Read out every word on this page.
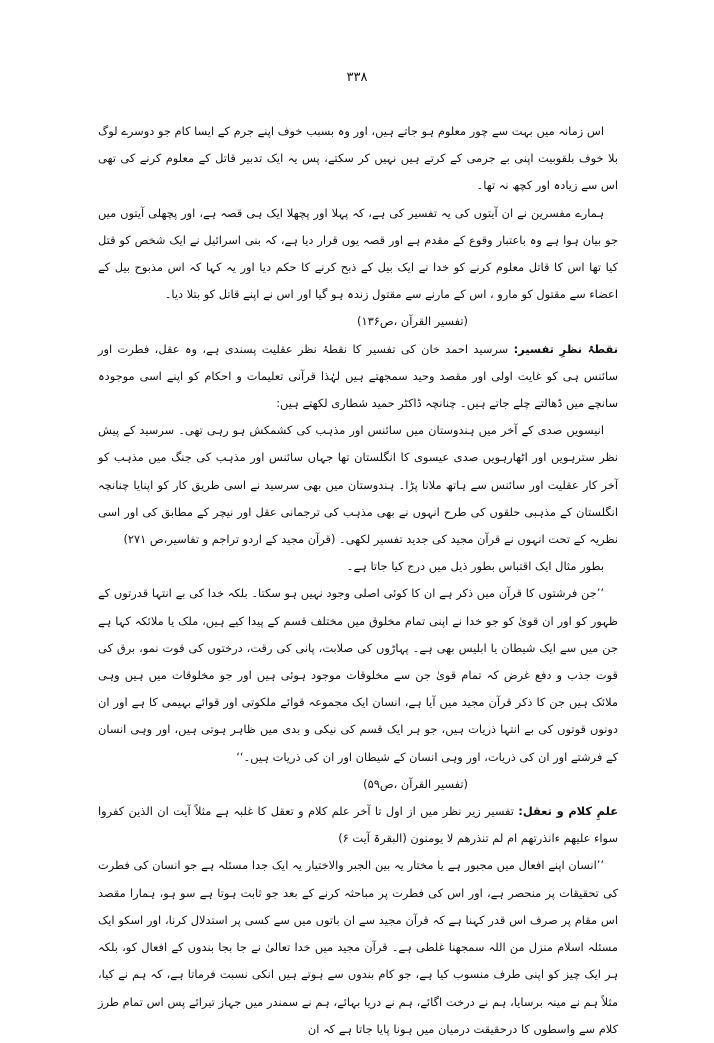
۳۳۸

اس زمانہ میں بہت سے چور معلوم ہو جاتے ہیں، اور وہ بسبب خوف اپنے جرم کے ایسا کام جو دوسرے لوگ بلا خوف بلقوبیت اپنی بے جرمی کے کرتے ہیں نہیں کر سکتے، پس یہ ایک تدبیر قاتل کے معلوم کرنے کی تھی اس سے زیادہ اور کچھ نہ تھا۔

ہمارے مفسرین نے ان آیتوں کی یہ تفسیر کی ہے، کہ پہلا اور پچھلا ایک ہی قصہ ہے، اور پچھلی آیتوں میں جو بیان ہوا ہے وہ باعتبار وقوع کے مقدم ہے اور قصہ یوں قرار دیا ہے، کہ بنی اسرائیل نے ایک شخص کو قتل کیا تھا اس کا قاتل معلوم کرنے کو خدا نے ایک بیل کے ذبح کرنے کا حکم دیا اور یہ کہا کہ اس مذبوح بیل کے اعضاء سے مقتول کو مارو ، اس کے مارنے سے مقتول زندہ ہو گیا اور اس نے اپنے قاتل کو بتلا دیا۔

(تفسیر القرآن ،ص۱۳۶)

نقطۂ نظرِ تفسیر: سرسید احمد خان کی تفسیر کا نقطۂ نظر عقلیت پسندی ہے، وہ عقل، فطرت اور سائنس ہی کو غایت اولی اور مقصد وحید سمجھتے ہیں لہٰذا قرآنی تعلیمات و احکام کو اپنے اسی موجودہ سانچے میں ڈھالتے چلے جاتے ہیں۔ چنانچہ ڈاکٹر حمید شطاری لکھتے ہیں:

انیسویں صدی کے آخر میں ہندوستان میں سائنس اور مذہب کی کشمکش ہو رہی تھی۔ سرسید کے پیش نظر سترہویں اور اٹھارہویں صدی عیسوی کا انگلستان تھا جہاں سائنس اور مذہب کی جنگ میں مذہب کو آخر کار عقلیت اور سائنس سے ہاتھ ملانا پڑا۔ ہندوستان میں بھی سرسید نے اسی طریق کار کو اپنایا چنانچہ انگلستان کے مذہبی حلقوں کی طرح انہوں نے بھی مذہب کی ترجمانی عقل اور نیچر کے مطابق کی اور اسی نظریہ کے تحت انہوں نے قرآن مجید کی جدید تفسیر لکھی۔ (قرآن مجید کے اردو تراجم و تفاسیر،ص ۲۷۱)

بطور مثال ایک اقتباس بطور ذیل میں درج کیا جاتا ہے۔

’’جن فرشتوں کا قرآن میں ذکر ہے ان کا کوئی اصلی وجود نہیں ہو سکتا۔ بلکہ خدا کی بے انتہا قدرتوں کے ظہور کو اور ان قویٰ کو جو خدا نے اپنی تمام مخلوق میں مختلف قسم کے پیدا کیے ہیں، ملک یا ملائکہ کہا ہے جن میں سے ایک شیطان یا ابلیس بھی ہے۔ پہاڑوں کی صلابت، پانی کی رقت، درختوں کی قوت نمو، برق کی قوت جذب و دفع غرض کہ تمام قویٰ جن سے مخلوقات موجود ہوئی ہیں اور جو مخلوقات میں ہیں وہی ملائک ہیں جن کا ذکر قرآن مجید میں آیا ہے، انسان ایک مجموعہ قوائے ملکوتی اور قوائے بہیمی کا ہے اور ان دونوں قوتوں کی بے انتہا ذریات ہیں، جو ہر ایک قسم کی نیکی و بدی میں ظاہر ہوتی ہیں، اور وہی انسان کے فرشتے اور ان کی ذریات، اور وہی انسان کے شیطان اور ان کی ذریات ہیں۔‘‘

(تفسیر القرآن ،ص۵۹)

علمِ کلام و تعقل: تفسیر زیر نظر میں از اول تا آخر علم کلام و تعقل کا غلبہ ہے مثلاً آیت ان الذین کفروا سواء علیھم ءانذرتھم ام لم تنذرھم لا یومنون (البقرۃ آیت ۶)

’’انسان اپنے افعال میں مجبور ہے یا مختار یہ بین الجبر والاختیار یہ ایک جدا مسئلہ ہے جو انسان کی فطرت کی تحقیقات پر منحصر ہے، اور اس کی فطرت پر مباحثہ کرنے کے بعد جو ثابت ہوتا ہے سو ہو، ہمارا مقصد اس مقام پر صرف اس قدر کہنا ہے کہ قرآن مجید سے ان باتوں میں سے کسی پر استدلال کرنا، اور اسکو ایک مسئلہ اسلام منزل من اللہ سمجھنا غلطی ہے۔ قرآن مجید میں خدا تعالیٰ نے جا بجا بندوں کے افعال کو، بلکہ ہر ایک چیز کو اپنی طرف منسوب کیا ہے، جو کام بندوں سے ہوتے ہیں انکی نسبت فرماتا ہے، کہ ہم نے کیا، مثلاً ہم نے مینہ برسایا، ہم نے درخت اگائے، ہم نے دریا بہائے، ہم نے سمندر میں جہاز تیرائے پس اس تمام طرز کلام سے واسطوں کا درحقیقت درمیان میں ہونا پایا جاتا ہے کہ ان
